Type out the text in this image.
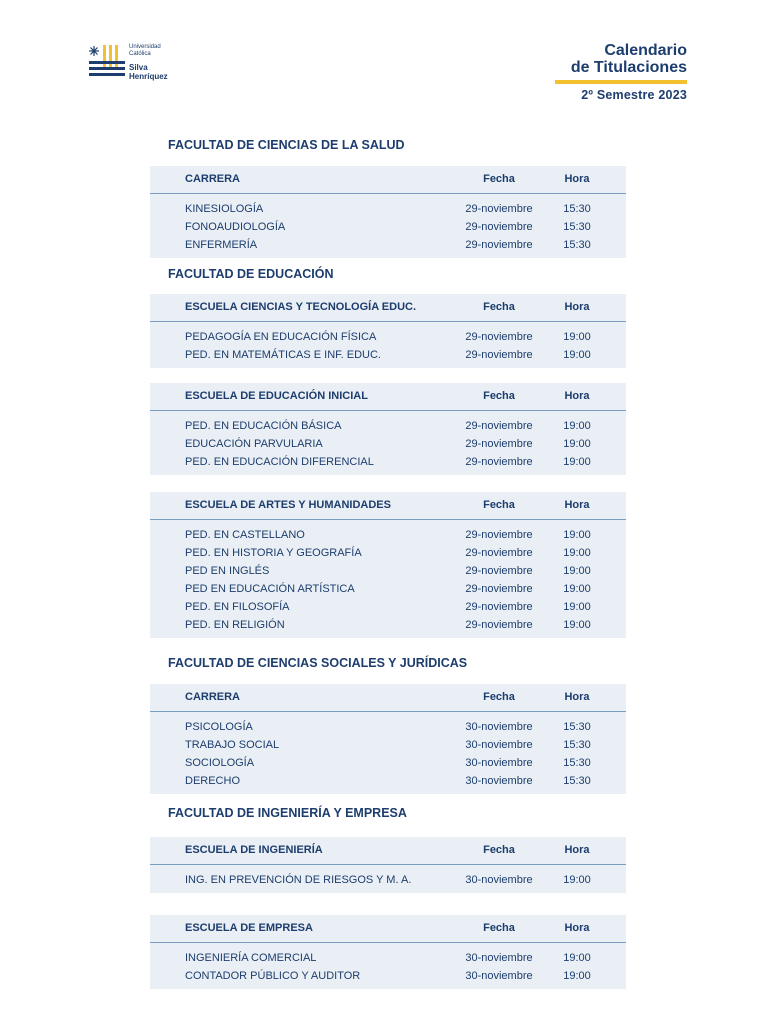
Universidad Católica
Silva
Henríquez
Calendario
de Titulaciones
2º Semestre 2023
FACULTAD DE CIENCIAS DE LA SALUD
FACULTAD DE EDUCACIÓN
FACULTAD DE CIENCIAS SOCIALES Y JURÍDICAS
FACULTAD DE INGENIERÍA Y EMPRESA
CARRERA	Fecha	Hora
KINESIOLOGÍA	29-noviembre	15:30
FONOAUDIOLOGÍA	29-noviembre	15:30
ENFERMERÍA	29-noviembre	15:30
ESCUELA CIENCIAS Y TECNOLOGÍA EDUC.	Fecha	Hora
PEDAGOGÍA EN EDUCACIÓN FÍSICA	29-noviembre	19:00
PED. EN MATEMÁTICAS E INF. EDUC.	29-noviembre	19:00
ESCUELA DE EDUCACIÓN INICIAL	Fecha	Hora
PED. EN EDUCACIÓN BÁSICA	29-noviembre	19:00
EDUCACIÓN PARVULARIA	29-noviembre	19:00
PED. EN EDUCACIÓN DIFERENCIAL	29-noviembre	19:00
ESCUELA DE ARTES Y HUMANIDADES	Fecha	Hora
PED. EN CASTELLANO	29-noviembre	19:00
PED. EN HISTORIA Y GEOGRAFÍA	29-noviembre	19:00
PED EN INGLÉS	29-noviembre	19:00
PED EN EDUCACIÓN ARTÍSTICA	29-noviembre	19:00
PED. EN FILOSOFÍA	29-noviembre	19:00
PED. EN RELIGIÓN	29-noviembre	19:00
CARRERA	Fecha	Hora
PSICOLOGÍA	30-noviembre	15:30
TRABAJO SOCIAL	30-noviembre	15:30
SOCIOLOGÍA	30-noviembre	15:30
DERECHO	30-noviembre	15:30
ESCUELA DE INGENIERÍA	Fecha	Hora
ING. EN PREVENCIÓN DE RIESGOS Y M. A.	30-noviembre	19:00
ESCUELA DE EMPRESA	Fecha	Hora
INGENIERÍA COMERCIAL	30-noviembre	19:00
CONTADOR PÚBLICO Y AUDITOR	30-noviembre	19:00
